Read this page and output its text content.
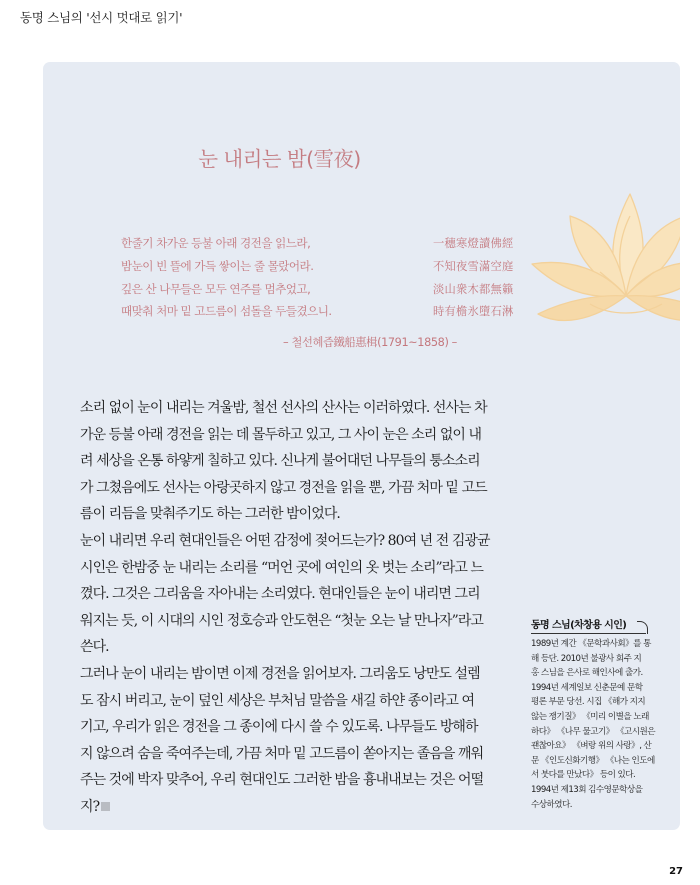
동명 스님의 '선시 멋대로 읽기'
눈 내리는 밤(雪夜)
한줄기 차가운 등불 아래 경전을 읽느라,	一穗寒燈讀佛經
밤눈이 빈 뜰에 가득 쌓이는 줄 몰랐어라.	不知夜雪滿空庭
깊은 산 나무들은 모두 연주를 멈추었고,	淡山衆木都無籟
때맞춰 처마 밑 고드름이 섬돌을 두들겼으니.	時有檐氷墮石淋
– 철선혜즙鐵船惠楫(1791~1858) –
소리 없이 눈이 내리는 겨울밤, 철선 선사의 산사는 이러하였다. 선사는 차
가운 등불 아래 경전을 읽는 데 몰두하고 있고, 그 사이 눈은 소리 없이 내
려 세상을 온통 하얗게 칠하고 있다. 신나게 불어대던 나무들의 퉁소소리
가 그쳤음에도 선사는 아랑곳하지 않고 경전을 읽을 뿐, 가끔 처마 밑 고드
름이 리듬을 맞춰주기도 하는 그러한 밤이었다.
눈이 내리면 우리 현대인들은 어떤 감정에 젖어드는가? 80여 년 전 김광균
시인은 한밤중 눈 내리는 소리를 “머언 곳에 여인의 옷 벗는 소리”라고 느
꼈다. 그것은 그리움을 자아내는 소리였다. 현대인들은 눈이 내리면 그리
워지는 듯, 이 시대의 시인 정호승과 안도현은 “첫눈 오는 날 만나자”라고
쓴다.
그러나 눈이 내리는 밤이면 이제 경전을 읽어보자. 그리움도 낭만도 설렘
도 잠시 버리고, 눈이 덮인 세상은 부처님 말씀을 새길 하얀 종이라고 여
기고, 우리가 읽은 경전을 그 종이에 다시 쓸 수 있도록. 나무들도 방해하
지 않으려 숨을 죽여주는데, 가끔 처마 밑 고드름이 쏟아지는 졸음을 깨워
주는 것에 박자 맞추어, 우리 현대인도 그러한 밤을 흉내내보는 것은 어떨
지?
동명 스님(차창용 시인)
1989년 계간 《문학과사회》를 통
해 등단. 2010년 불광사 회주 지
홍 스님을 은사로 해인사에 출가.
1994년 세계일보 신춘문예 문학
평론 부문 당선. 시집 《해가 지지
않는 쟁기질》 《미리 이별을 노래
하다》 《나무 물고기》 《고시원은
괜찮아요》 《벼랑 위의 사랑》, 산
문 《인도신화기행》 《나는 인도에
서 붓다를 만났다》 등이 있다.
1994년 제13회 김수영문학상을
수상하였다.
27
